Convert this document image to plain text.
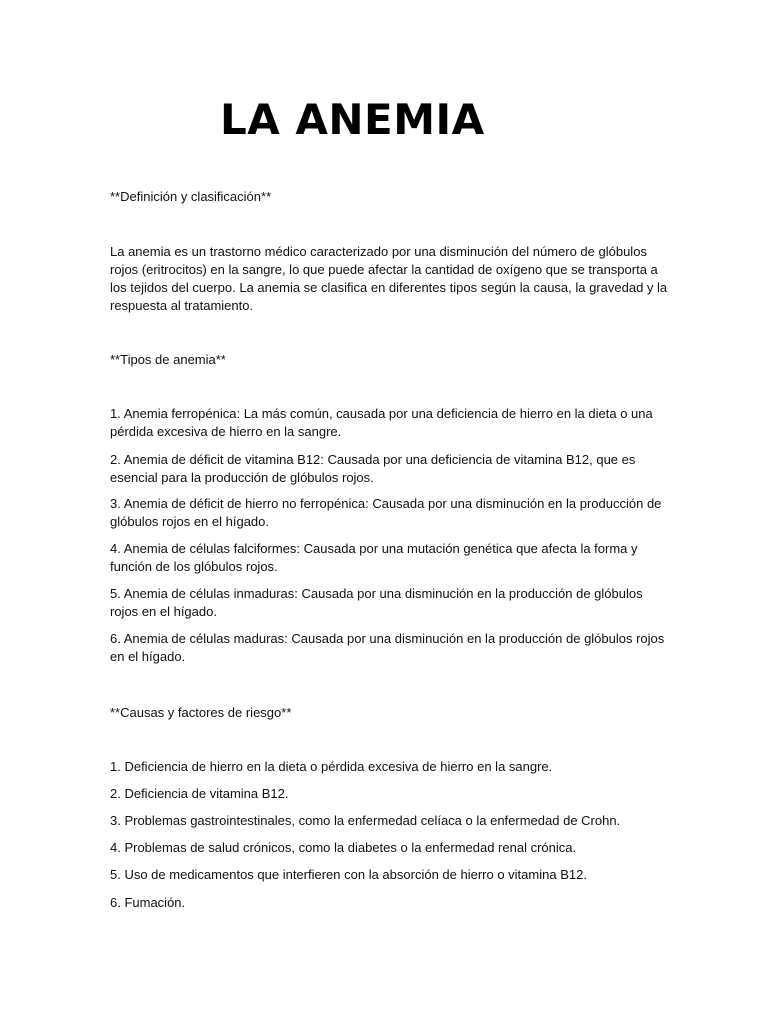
LA ANEMIA

**Definición y clasificación**

La anemia es un trastorno médico caracterizado por una disminución del número de glóbulos rojos (eritrocitos) en la sangre, lo que puede afectar la cantidad de oxígeno que se transporta a los tejidos del cuerpo. La anemia se clasifica en diferentes tipos según la causa, la gravedad y la respuesta al tratamiento.

**Tipos de anemia**

1. Anemia ferropénica: La más común, causada por una deficiencia de hierro en la dieta o una pérdida excesiva de hierro en la sangre.

2. Anemia de déficit de vitamina B12: Causada por una deficiencia de vitamina B12, que es esencial para la producción de glóbulos rojos.

3. Anemia de déficit de hierro no ferropénica: Causada por una disminución en la producción de glóbulos rojos en el hígado.

4. Anemia de células falciformes: Causada por una mutación genética que afecta la forma y función de los glóbulos rojos.

5. Anemia de células inmaduras: Causada por una disminución en la producción de glóbulos rojos en el hígado.

6. Anemia de células maduras: Causada por una disminución en la producción de glóbulos rojos en el hígado.

**Causas y factores de riesgo**

1. Deficiencia de hierro en la dieta o pérdida excesiva de hierro en la sangre.

2. Deficiencia de vitamina B12.

3. Problemas gastrointestinales, como la enfermedad celíaca o la enfermedad de Crohn.

4. Problemas de salud crónicos, como la diabetes o la enfermedad renal crónica.

5. Uso de medicamentos que interfieren con la absorción de hierro o vitamina B12.

6. Fumación.
